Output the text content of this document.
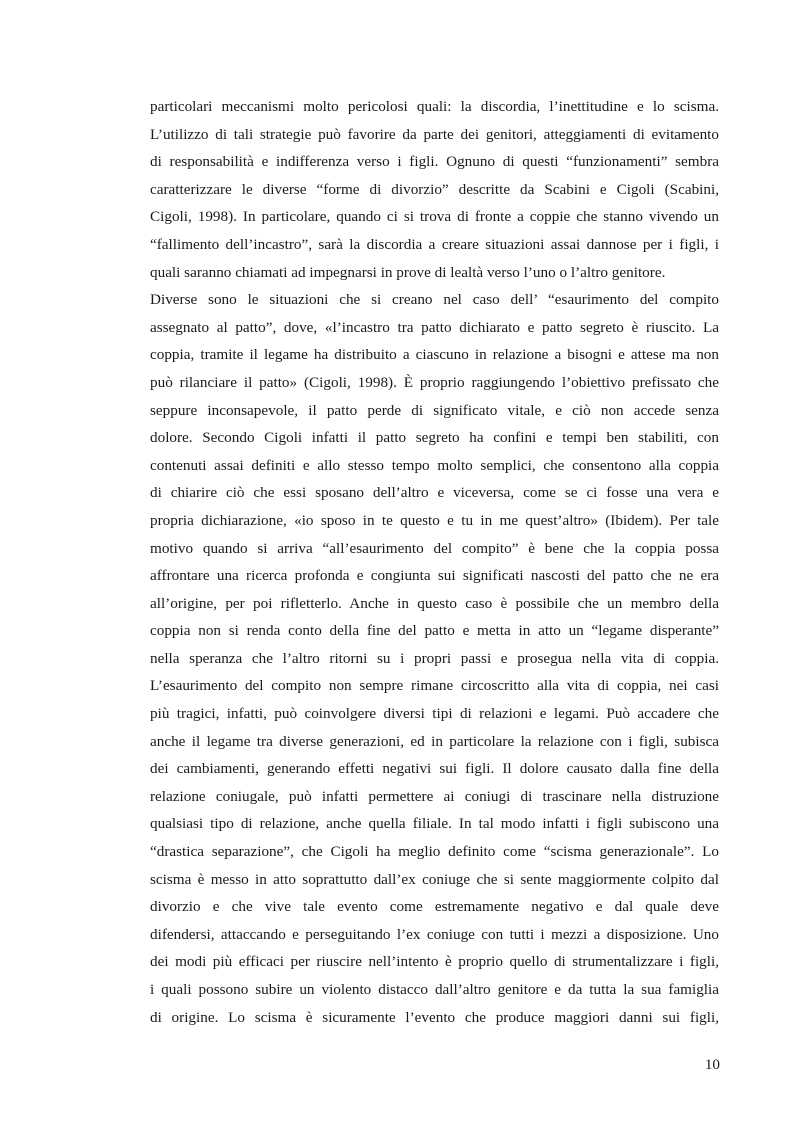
particolari meccanismi molto pericolosi quali: la discordia, l’inettitudine e lo scisma.
L’utilizzo di tali strategie può favorire da parte dei genitori, atteggiamenti di evitamento
di responsabilità e indifferenza verso i figli. Ognuno di questi “funzionamenti” sembra
caratterizzare le diverse “forme di divorzio” descritte da Scabini e Cigoli (Scabini,
Cigoli, 1998). In particolare, quando ci si trova di fronte a coppie che stanno vivendo un
“fallimento dell’incastro”, sarà la discordia a creare situazioni assai dannose per i figli, i
quali saranno chiamati ad impegnarsi in prove di lealtà verso l’uno o l’altro genitore.
Diverse sono le situazioni che si creano nel caso dell’ “esaurimento del compito
assegnato al patto”, dove, «l’incastro tra patto dichiarato e patto segreto è riuscito. La
coppia, tramite il legame ha distribuito a ciascuno in relazione a bisogni e attese ma non
può rilanciare il patto» (Cigoli, 1998). È proprio raggiungendo l’obiettivo prefissato che
seppure inconsapevole, il patto perde di significato vitale, e ciò non accede senza
dolore. Secondo Cigoli infatti il patto segreto ha confini e tempi ben stabiliti, con
contenuti assai definiti e allo stesso tempo molto semplici, che consentono alla coppia
di chiarire ciò che essi sposano dell’altro e viceversa, come se ci fosse una vera e
propria dichiarazione, «io sposo in te questo e tu in me quest’altro» (Ibidem). Per tale
motivo quando si arriva “all’esaurimento del compito” è bene che la coppia possa
affrontare una ricerca profonda e congiunta sui significati nascosti del patto che ne era
all’origine, per poi rifletterlo. Anche in questo caso è possibile che un membro della
coppia non si renda conto della fine del patto e metta in atto un “legame disperante”
nella speranza che l’altro ritorni su i propri passi e prosegua nella vita di coppia.
L’esaurimento del compito non sempre rimane circoscritto alla vita di coppia, nei casi
più tragici, infatti, può coinvolgere diversi tipi di relazioni e legami. Può accadere che
anche il legame tra diverse generazioni, ed in particolare la relazione con i figli, subisca
dei cambiamenti, generando effetti negativi sui figli. Il dolore causato dalla fine della
relazione coniugale, può infatti permettere ai coniugi di trascinare nella distruzione
qualsiasi tipo di relazione, anche quella filiale. In tal modo infatti i figli subiscono una
“drastica separazione”, che Cigoli ha meglio definito come “scisma generazionale”. Lo
scisma è messo in atto soprattutto dall’ex coniuge che si sente maggiormente colpito dal
divorzio e che vive tale evento come estremamente negativo e dal quale deve
difendersi, attaccando e perseguitando l’ex coniuge con tutti i mezzi a disposizione. Uno
dei modi più efficaci per riuscire nell’intento è proprio quello di strumentalizzare i figli,
i quali possono subire un violento distacco dall’altro genitore e da tutta la sua famiglia
di origine. Lo scisma è sicuramente l’evento che produce maggiori danni sui figli,
10
